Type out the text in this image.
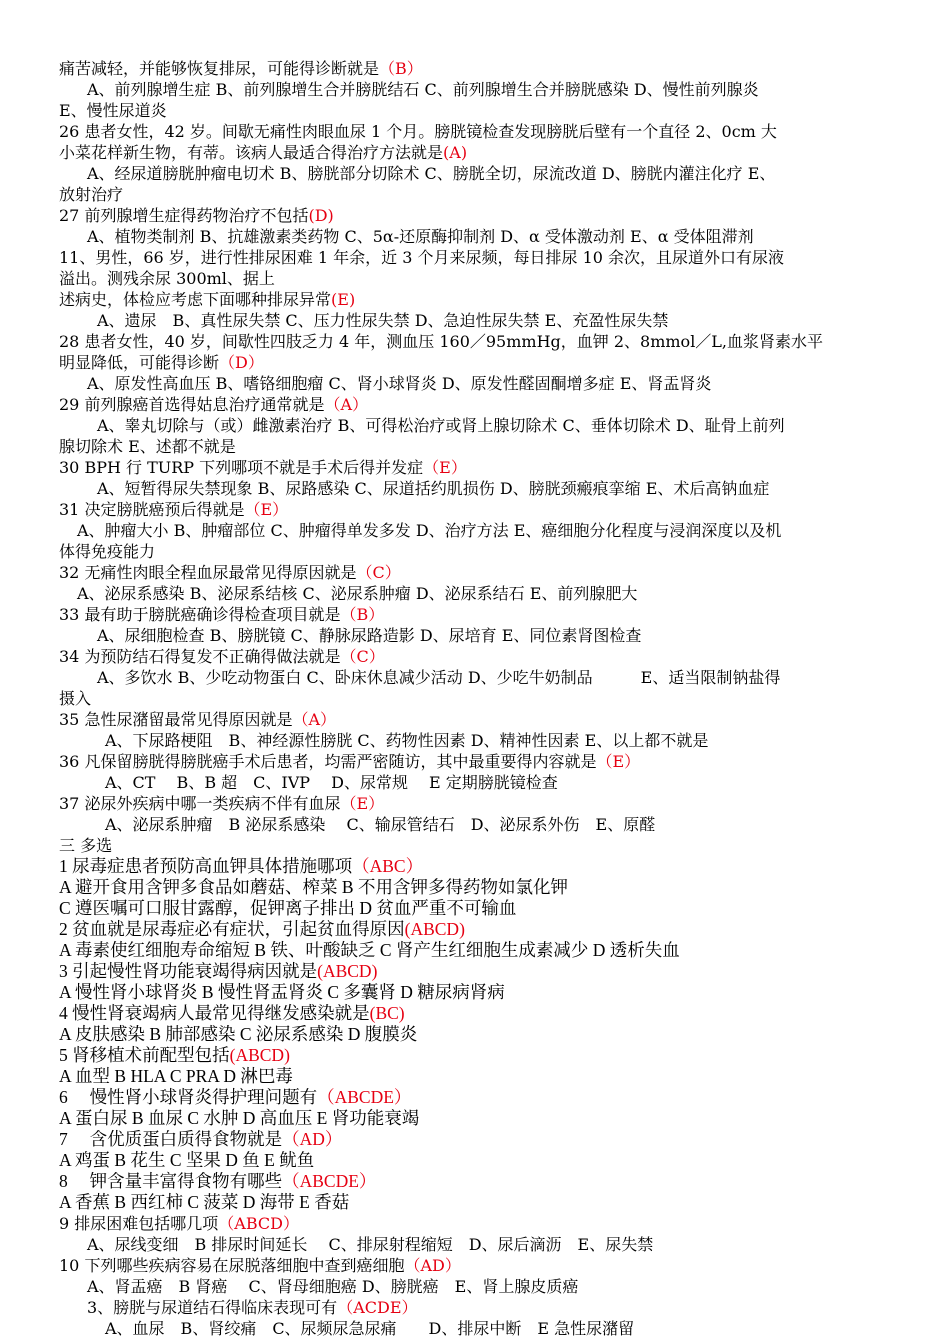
痛苦减轻，并能够恢复排尿，可能得诊断就是（B）
A、前列腺增生症 B、前列腺增生合并膀胱结石 C、前列腺增生合并膀胱感染 D、慢性前列腺炎
E、慢性尿道炎
26 患者女性，42 岁。间歇无痛性肉眼血尿 1 个月。膀胱镜检查发现膀胱后壁有一个直径 2、0cm 大
小菜花样新生物，有蒂。该病人最适合得治疗方法就是(A)
A、经尿道膀胱肿瘤电切术 B、膀胱部分切除术 C、膀胱全切，尿流改道 D、膀胱内灌注化疗 E、
放射治疗
27 前列腺增生症得药物治疗不包括(D)
A、植物类制剂 B、抗雄激素类药物 C、5α-还原酶抑制剂 D、α 受体激动剂 E、α 受体阻滞剂
11、男性，66 岁，进行性排尿困难 1 年余，近 3 个月来尿频，每日排尿 10 余次，且尿道外口有尿液
溢出。测残余尿 300ml、据上
述病史，体检应考虑下面哪种排尿异常(E)
A、遗尿　B、真性尿失禁 C、压力性尿失禁 D、急迫性尿失禁 E、充盈性尿失禁
28 患者女性，40 岁，间歇性四肢乏力 4 年，测血压 160／95mmHg，血钾 2、8mmol／L,血浆肾素水平
明显降低，可能得诊断（D）
A、原发性高血压 B、嗜铬细胞瘤 C、肾小球肾炎 D、原发性醛固酮增多症 E、肾盂肾炎
29 前列腺癌首选得姑息治疗通常就是（A）
A、睾丸切除与（或）雌激素治疗 B、可得松治疗或肾上腺切除术 C、垂体切除术 D、耻骨上前列
腺切除术 E、述都不就是
30 BPH 行 TURP 下列哪项不就是手术后得并发症（E）
A、短暂得尿失禁现象 B、尿路感染 C、尿道括约肌损伤 D、膀胱颈瘢痕挛缩 E、术后高钠血症
31 决定膀胱癌预后得就是（E）
A、肿瘤大小 B、肿瘤部位 C、肿瘤得单发多发 D、治疗方法 E、癌细胞分化程度与浸润深度以及机
体得免疫能力
32 无痛性肉眼全程血尿最常见得原因就是（C）
A、泌尿系感染 B、泌尿系结核 C、泌尿系肿瘤 D、泌尿系结石 E、前列腺肥大
33 最有助于膀胱癌确诊得检查项目就是（B）
A、尿细胞检查 B、膀胱镜 C、静脉尿路造影 D、尿培育 E、同位素肾图检查
34 为预防结石得复发不正确得做法就是（C）
A、多饮水 B、少吃动物蛋白 C、卧床休息减少活动 D、少吃牛奶制品　　　E、适当限制钠盐得
摄入
35 急性尿潴留最常见得原因就是（A）
A、下尿路梗阻　B、神经源性膀胱 C、药物性因素 D、精神性因素 E、以上都不就是
36 凡保留膀胱得膀胱癌手术后患者，均需严密随访，其中最重要得内容就是（E）
A、CT　 B、B 超　C、IVP　 D、尿常规　 E 定期膀胱镜检查
37 泌尿外疾病中哪一类疾病不伴有血尿（E）
A、泌尿系肿瘤　B 泌尿系感染　 C、输尿管结石　D、泌尿系外伤　E、原醛
三 多选
1 尿毒症患者预防高血钾具体措施哪项（ABC）
A 避开食用含钾多食品如蘑菇、榨菜 B 不用含钾多得药物如氯化钾
C 遵医嘱可口服甘露醇，促钾离子排出 D 贫血严重不可输血
2 贫血就是尿毒症必有症状，引起贫血得原因(ABCD)
A 毒素使红细胞寿命缩短 B 铁、叶酸缺乏 C 肾产生红细胞生成素减少 D 透析失血
3 引起慢性肾功能衰竭得病因就是(ABCD)
A 慢性肾小球肾炎 B 慢性肾盂肾炎 C 多囊肾 D 糖尿病肾病
4 慢性肾衰竭病人最常见得继发感染就是(BC)
A 皮肤感染 B 肺部感染 C 泌尿系感染 D 腹膜炎
5 肾移植术前配型包括(ABCD)
A 血型 B HLA C PRA D 淋巴毒
6　 慢性肾小球肾炎得护理问题有（ABCDE）
A 蛋白尿 B 血尿 C 水肿 D 高血压 E 肾功能衰竭
7　 含优质蛋白质得食物就是（AD）
A 鸡蛋 B 花生 C 坚果 D 鱼 E 鱿鱼
8　 钾含量丰富得食物有哪些（ABCDE）
A 香蕉 B 西红柿 C 菠菜 D 海带 E 香菇
9 排尿困难包括哪几项（ABCD）
A、尿线变细　B 排尿时间延长　 C、排尿射程缩短　D、尿后滴沥　E、尿失禁
10 下列哪些疾病容易在尿脱落细胞中查到癌细胞（AD）
A、肾盂癌　B 肾癌　 C、肾母细胞癌 D、膀胱癌　E、肾上腺皮质癌
3、膀胱与尿道结石得临床表现可有（ACDE）
A、血尿　B、肾绞痛　C、尿频尿急尿痛　　D、排尿中断　E 急性尿潴留
